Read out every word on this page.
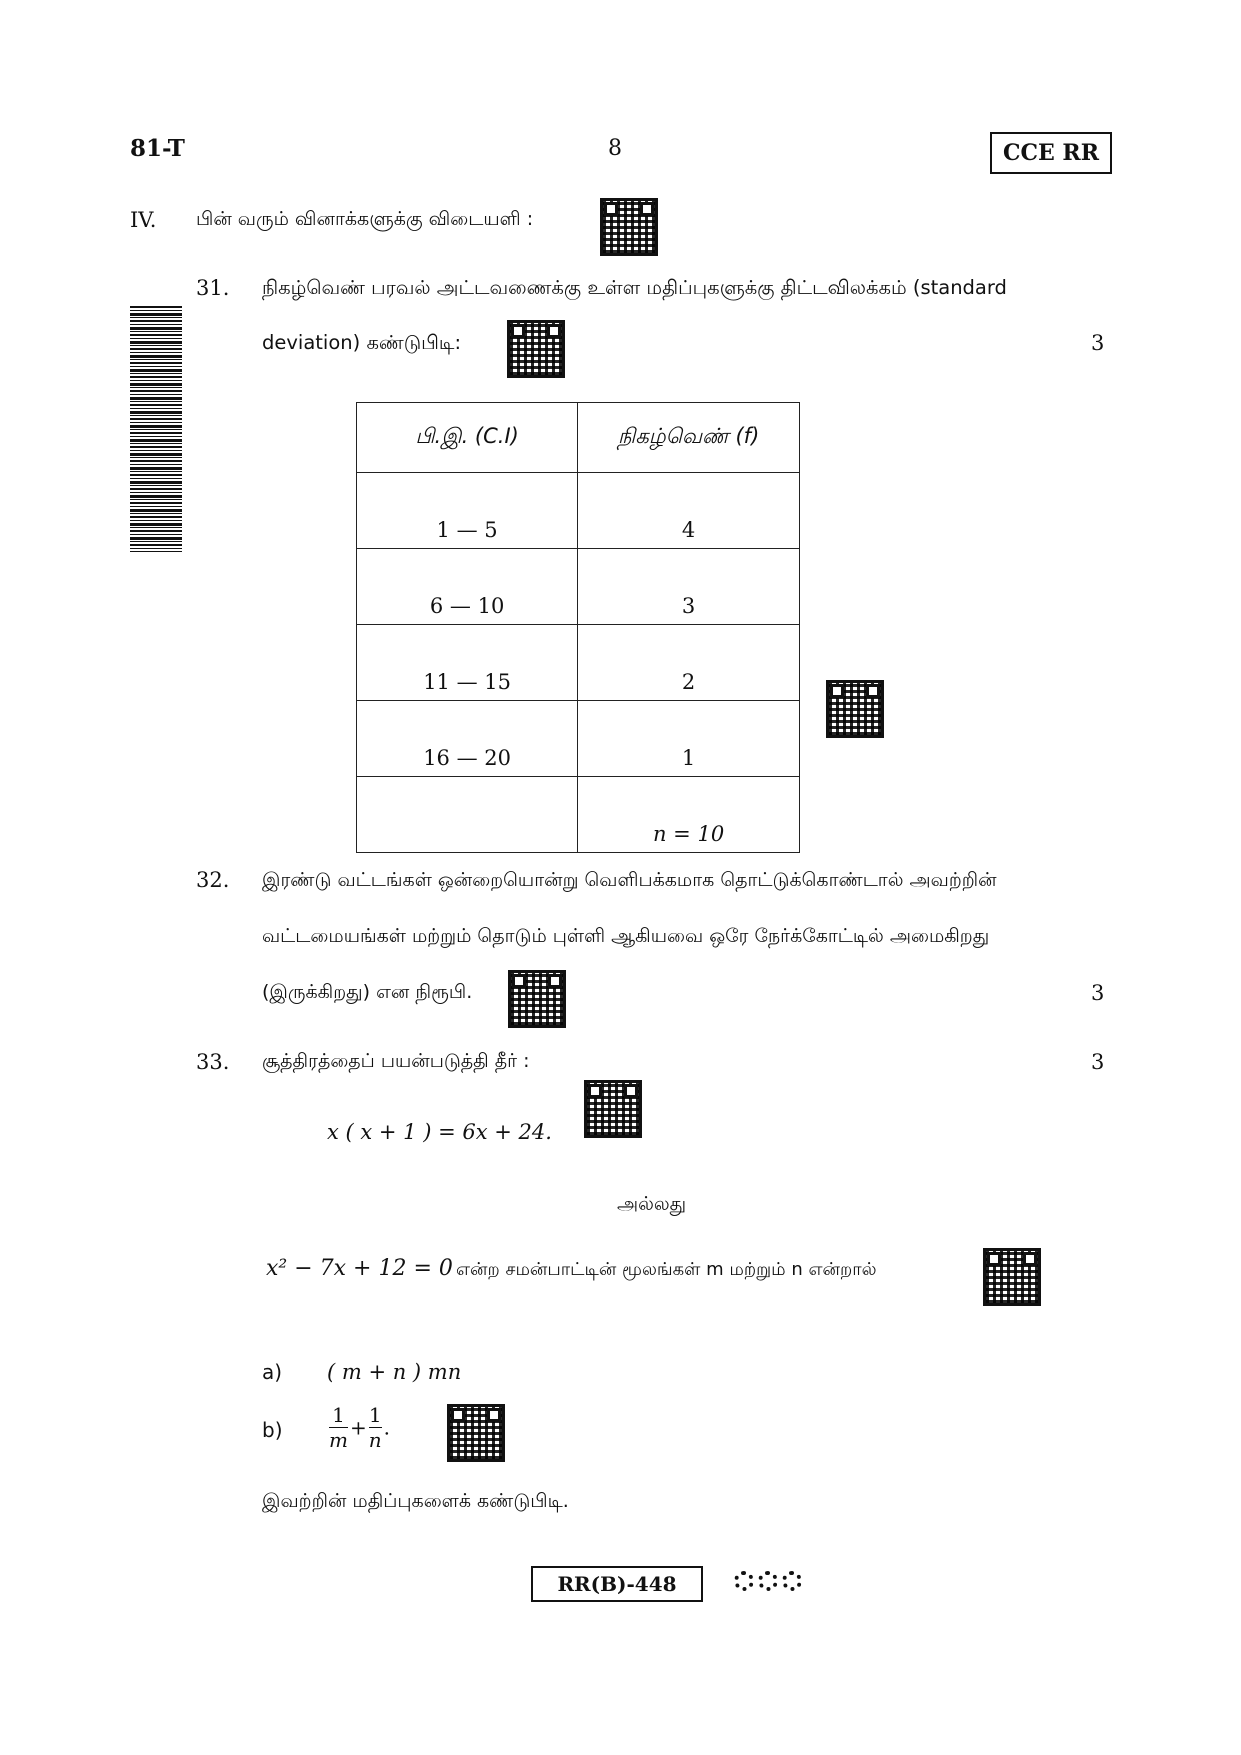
81-T	8	CCE RR
IV. பின் வரும் வினாக்களுக்கு விடையளி :
31. நிகழ்வெண் பரவல் அட்டவணைக்கு உள்ள மதிப்புகளுக்கு திட்டவிலக்கம் (standard
deviation) கண்டுபிடி:	3
பி.இ. (C.I)	நிகழ்வெண் (f)
1 — 5	4
6 — 10	3
11 — 15	2
16 — 20	1
	n = 10
32. இரண்டு வட்டங்கள் ஒன்றையொன்று வெளிபக்கமாக தொட்டுக்கொண்டால் அவற்றின்
வட்டமையங்கள் மற்றும் தொடும் புள்ளி ஆகியவை ஒரே நேர்க்கோட்டில் அமைகிறது
(இருக்கிறது) என நிரூபி.	3
33. சூத்திரத்தைப் பயன்படுத்தி தீர் :	3
x ( x + 1 ) = 6x + 24.
அல்லது
x² − 7x + 12 = 0 என்ற சமன்பாட்டின் மூலங்கள் m மற்றும் n என்றால்
a) ( m + n ) mn
$b) \frac{1}{m} + \frac{1}{n}$ .
இவற்றின் மதிப்புகளைக் கண்டுபிடி.
RR(B)-448
